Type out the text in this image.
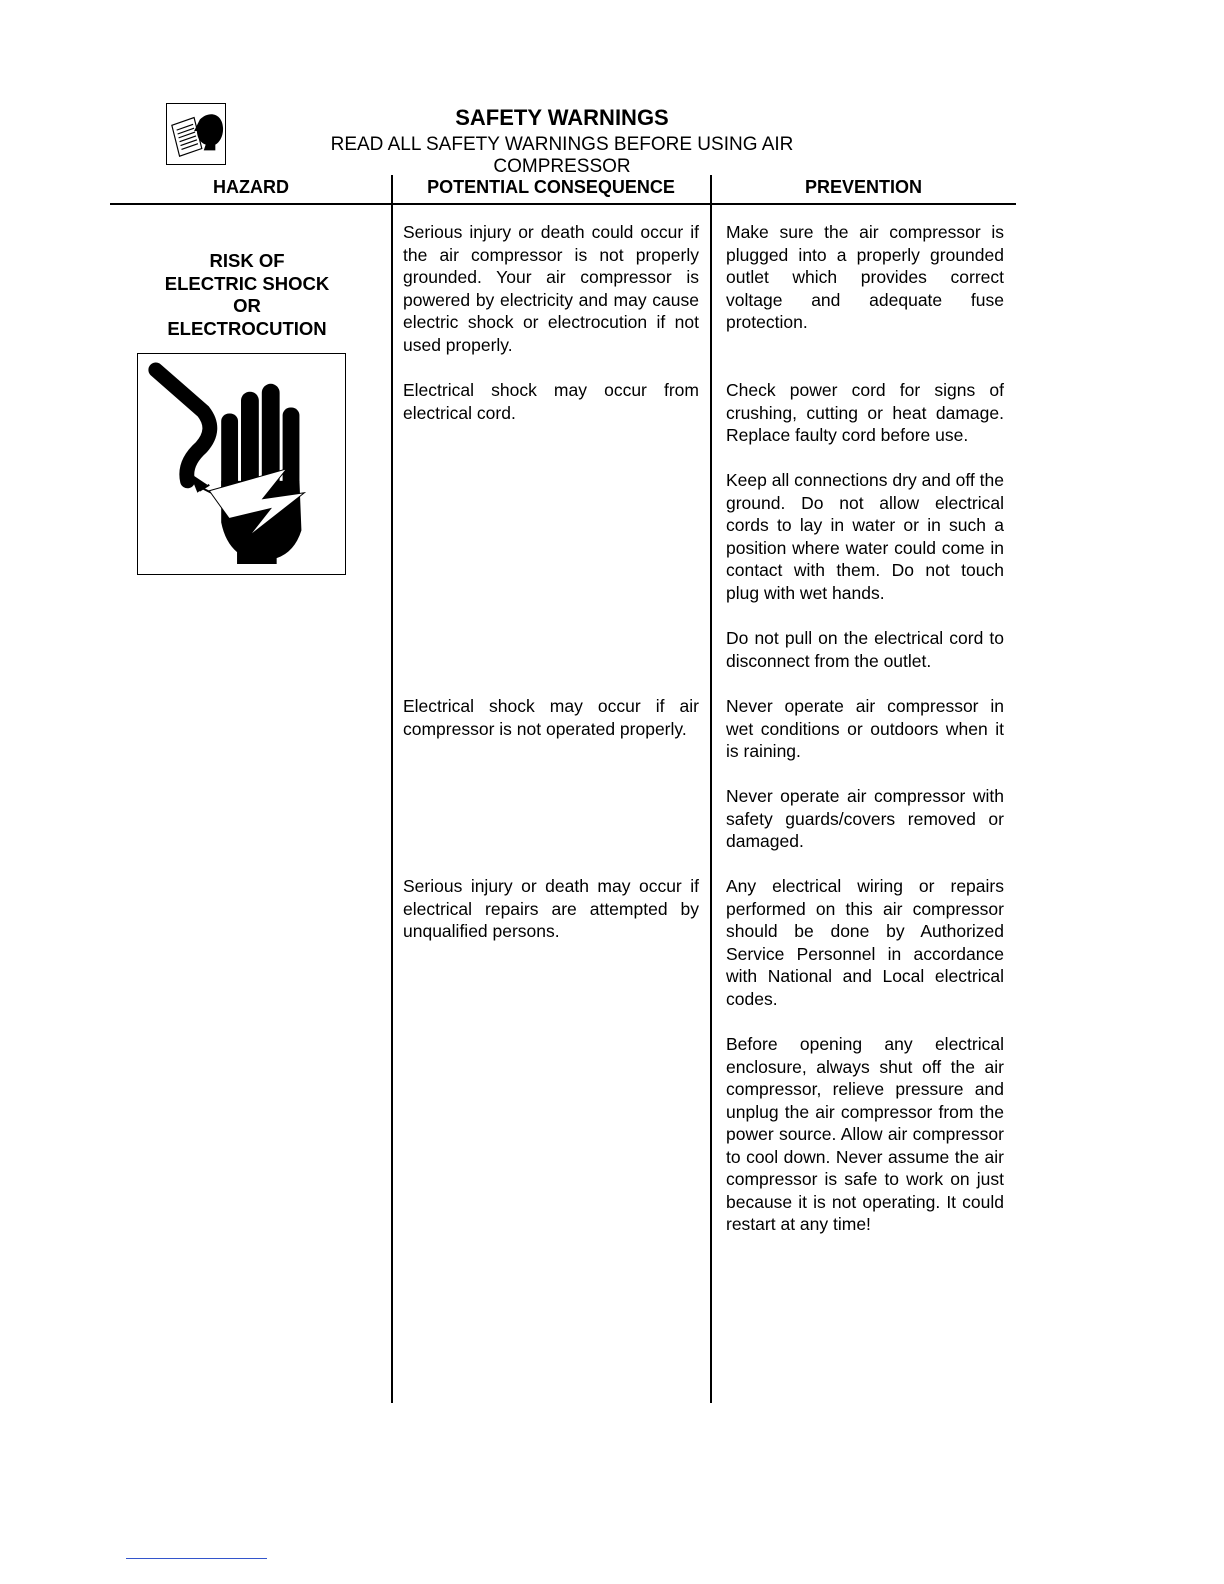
SAFETY WARNINGS
READ ALL SAFETY WARNINGS BEFORE USING AIR COMPRESSOR
HAZARD	POTENTIAL CONSEQUENCE	PREVENTION
RISK OF
ELECTRIC SHOCK
OR
ELECTROCUTION
Serious injury or death could occur if the air compressor is not properly grounded. Your air compressor is powered by electricity and may cause electric shock or electrocution if not used properly.
Electrical shock may occur from electrical cord.
Electrical shock may occur if air compressor is not operated properly.
Serious injury or death may occur if electrical repairs are attempted by unqualified persons.
Make sure the air compressor is plugged into a properly grounded outlet which provides correct voltage and adequate fuse protection.
Check power cord for signs of crushing, cutting or heat damage. Replace faulty cord before use.
Keep all connections dry and off the ground. Do not allow electrical cords to lay in water or in such a position where water could come in contact with them. Do not touch plug with wet hands.
Do not pull on the electrical cord to disconnect from the outlet.
Never operate air compressor in wet conditions or outdoors when it is raining.
Never operate air compressor with safety guards/covers removed or damaged.
Any electrical wiring or repairs performed on this air compressor should be done by Authorized Service Personnel in accordance with National and Local electrical codes.
Before opening any electrical enclosure, always shut off the air compressor, relieve pressure and unplug the air compressor from the power source. Allow air compressor to cool down. Never assume the air compressor is safe to work on just because it is not operating. It could restart at any time!
